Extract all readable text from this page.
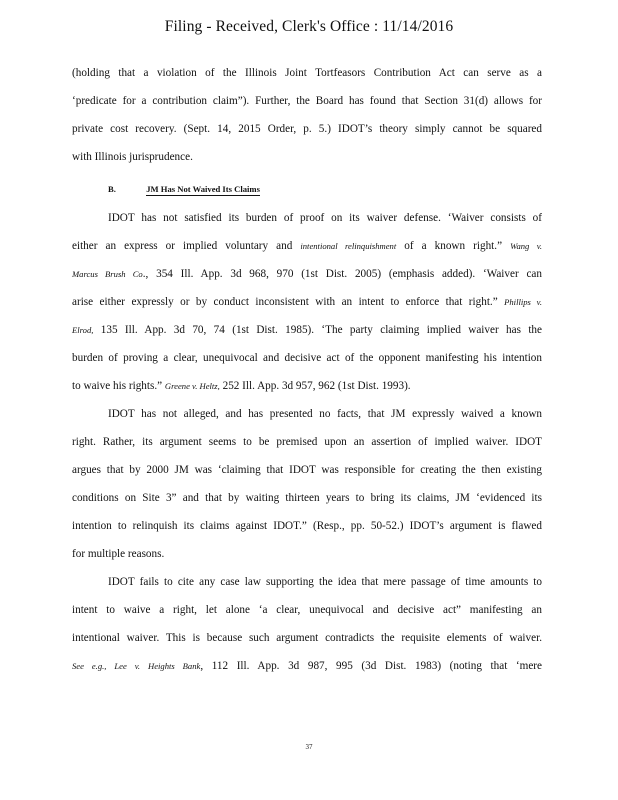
Filing - Received, Clerk's Office : 11/14/2016
(holding that a violation of the Illinois Joint Tortfeasors Contribution Act can serve as a
‘predicate for a contribution claim”). Further, the Board has found that Section 31(d) allows for
private cost recovery. (Sept. 14, 2015 Order, p. 5.) IDOT’s theory simply cannot be squared
with Illinois jurisprudence.
B.	JM Has Not Waived Its Claims
IDOT has not satisfied its burden of proof on its waiver defense. ‘Waiver consists of
either an express or implied voluntary and intentional relinquishment of a known right.” Wang v.
Marcus Brush Co., 354 Ill. App. 3d 968, 970 (1st Dist. 2005) (emphasis added). ‘Waiver can
arise either expressly or by conduct inconsistent with an intent to enforce that right.” Phillips v.
Elrod, 135 Ill. App. 3d 70, 74 (1st Dist. 1985). ‘The party claiming implied waiver has the
burden of proving a clear, unequivocal and decisive act of the opponent manifesting his intention
to waive his rights.” Greene v. Heltz, 252 Ill. App. 3d 957, 962 (1st Dist. 1993).
IDOT has not alleged, and has presented no facts, that JM expressly waived a known
right. Rather, its argument seems to be premised upon an assertion of implied waiver. IDOT
argues that by 2000 JM was ‘claiming that IDOT was responsible for creating the then existing
conditions on Site 3” and that by waiting thirteen years to bring its claims, JM ‘evidenced its
intention to relinquish its claims against IDOT.” (Resp., pp. 50-52.) IDOT’s argument is flawed
for multiple reasons.
IDOT fails to cite any case law supporting the idea that mere passage of time amounts to
intent to waive a right, let alone ‘a clear, unequivocal and decisive act” manifesting an
intentional waiver. This is because such argument contradicts the requisite elements of waiver.
See e.g., Lee v. Heights Bank, 112 Ill. App. 3d 987, 995 (3d Dist. 1983) (noting that ‘mere
37
